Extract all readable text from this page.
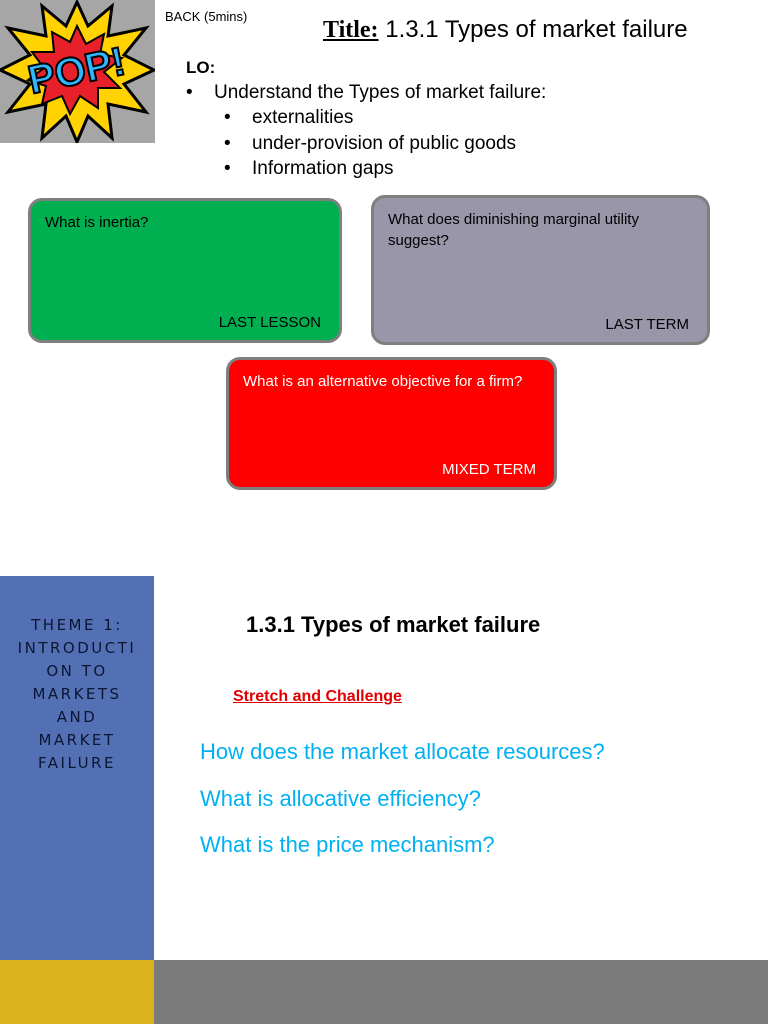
POP!
BACK (5mins)
Title: 1.3.1 Types of market failure
LO:
• Understand the Types of market failure:
• externalities
• under-provision of public goods
• Information gaps
What is inertia?
LAST LESSON
What does diminishing marginal utility suggest?
LAST TERM
What is an alternative objective for a firm?
MIXED TERM
THEME 1:
INTRODUCTI
ON TO
MARKETS
AND
MARKET
FAILURE
1.3.1 Types of market failure
Stretch and Challenge
How does the market allocate resources?
What is allocative efficiency?
What is the price mechanism?
